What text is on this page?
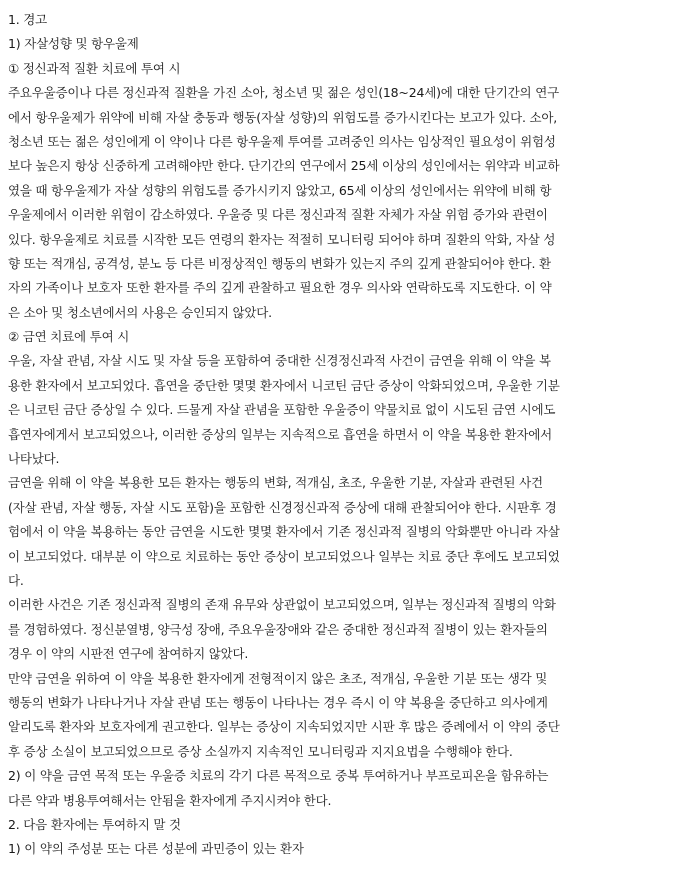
1. 경고
1) 자살성향 및 항우울제
① 정신과적 질환 치료에 투여 시
주요우울증이나 다른 정신과적 질환을 가진 소아, 청소년 및 젊은 성인(18~24세)에 대한 단기간의 연구
에서 항우울제가 위약에 비해 자살 충동과 행동(자살 성향)의 위험도를 증가시킨다는 보고가 있다. 소아,
청소년 또는 젊은 성인에게 이 약이나 다른 항우울제 투여를 고려중인 의사는 임상적인 필요성이 위험성
보다 높은지 항상 신중하게 고려해야만 한다. 단기간의 연구에서 25세 이상의 성인에서는 위약과 비교하
였을 때 항우울제가 자살 성향의 위험도를 증가시키지 않았고, 65세 이상의 성인에서는 위약에 비해 항
우울제에서 이러한 위험이 감소하였다. 우울증 및 다른 정신과적 질환 자체가 자살 위험 증가와 관련이
있다. 항우울제로 치료를 시작한 모든 연령의 환자는 적절히 모니터링 되어야 하며 질환의 악화, 자살 성
향 또는 적개심, 공격성, 분노 등 다른 비정상적인 행동의 변화가 있는지 주의 깊게 관찰되어야 한다. 환
자의 가족이나 보호자 또한 환자를 주의 깊게 관찰하고 필요한 경우 의사와 연락하도록 지도한다. 이 약
은 소아 및 청소년에서의 사용은 승인되지 않았다.
② 금연 치료에 투여 시
우울, 자살 관념, 자살 시도 및 자살 등을 포함하여 중대한 신경정신과적 사건이 금연을 위해 이 약을 복
용한 환자에서 보고되었다. 흡연을 중단한 몇몇 환자에서 니코틴 금단 증상이 악화되었으며, 우울한 기분
은 니코틴 금단 증상일 수 있다. 드물게 자살 관념을 포함한 우울증이 약물치료 없이 시도된 금연 시에도
흡연자에게서 보고되었으나, 이러한 증상의 일부는 지속적으로 흡연을 하면서 이 약을 복용한 환자에서
나타났다.
금연을 위해 이 약을 복용한 모든 환자는 행동의 변화, 적개심, 초조, 우울한 기분, 자살과 관련된 사건
(자살 관념, 자살 행동, 자살 시도 포함)을 포함한 신경정신과적 증상에 대해 관찰되어야 한다. 시판후 경
험에서 이 약을 복용하는 동안 금연을 시도한 몇몇 환자에서 기존 정신과적 질병의 악화뿐만 아니라 자살
이 보고되었다. 대부분 이 약으로 치료하는 동안 증상이 보고되었으나 일부는 치료 중단 후에도 보고되었
다.
이러한 사건은 기존 정신과적 질병의 존재 유무와 상관없이 보고되었으며, 일부는 정신과적 질병의 악화
를 경험하였다. 정신분열병, 양극성 장애, 주요우울장애와 같은 중대한 정신과적 질병이 있는 환자들의
경우 이 약의 시판전 연구에 참여하지 않았다.
만약 금연을 위하여 이 약을 복용한 환자에게 전형적이지 않은 초조, 적개심, 우울한 기분 또는 생각 및
행동의 변화가 나타나거나 자살 관념 또는 행동이 나타나는 경우 즉시 이 약 복용을 중단하고 의사에게
알리도록 환자와 보호자에게 권고한다. 일부는 증상이 지속되었지만 시판 후 많은 증례에서 이 약의 중단
후 증상 소실이 보고되었으므로 증상 소실까지 지속적인 모니터링과 지지요법을 수행해야 한다.
2) 이 약을 금연 목적 또는 우울증 치료의 각기 다른 목적으로 중복 투여하거나 부프로피온을 함유하는
다른 약과 병용투여해서는 안됨을 환자에게 주지시켜야 한다.
2. 다음 환자에는 투여하지 말 것
1) 이 약의 주성분 또는 다른 성분에 과민증이 있는 환자
